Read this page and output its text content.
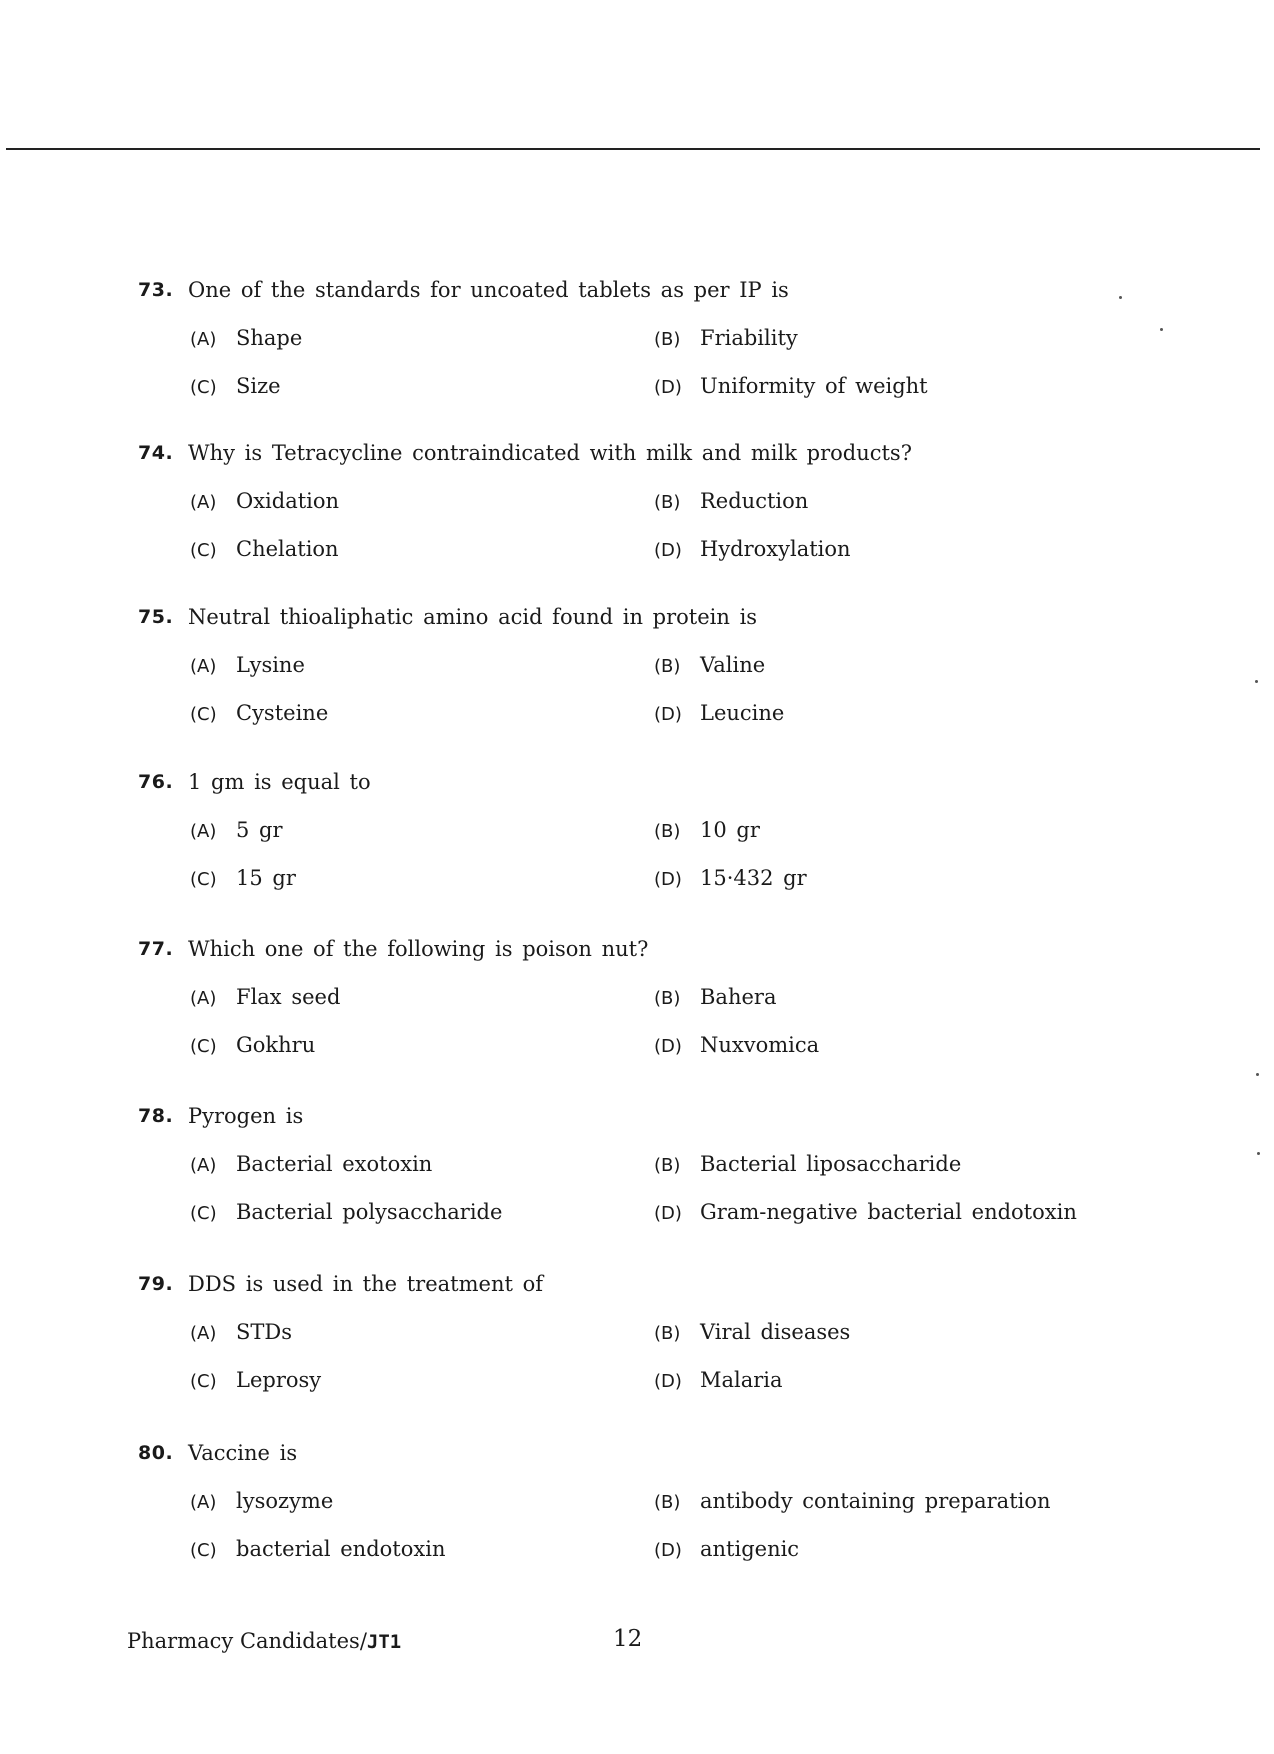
73. One of the standards for uncoated tablets as per IP is
(A) Shape	(B) Friability
(C) Size	(D) Uniformity of weight
74. Why is Tetracycline contraindicated with milk and milk products?
(A) Oxidation	(B) Reduction
(C) Chelation	(D) Hydroxylation
75. Neutral thioaliphatic amino acid found in protein is
(A) Lysine	(B) Valine
(C) Cysteine	(D) Leucine
76. 1 gm is equal to
(A) 5 gr	(B) 10 gr
(C) 15 gr	(D) 15·432 gr
77. Which one of the following is poison nut?
(A) Flax seed	(B) Bahera
(C) Gokhru	(D) Nuxvomica
78. Pyrogen is
(A) Bacterial exotoxin	(B) Bacterial liposaccharide
(C) Bacterial polysaccharide	(D) Gram-negative bacterial endotoxin
79. DDS is used in the treatment of
(A) STDs	(B) Viral diseases
(C) Leprosy	(D) Malaria
80. Vaccine is
(A) lysozyme	(B) antibody containing preparation
(C) bacterial endotoxin	(D) antigenic
Pharmacy Candidates/JT1	12
